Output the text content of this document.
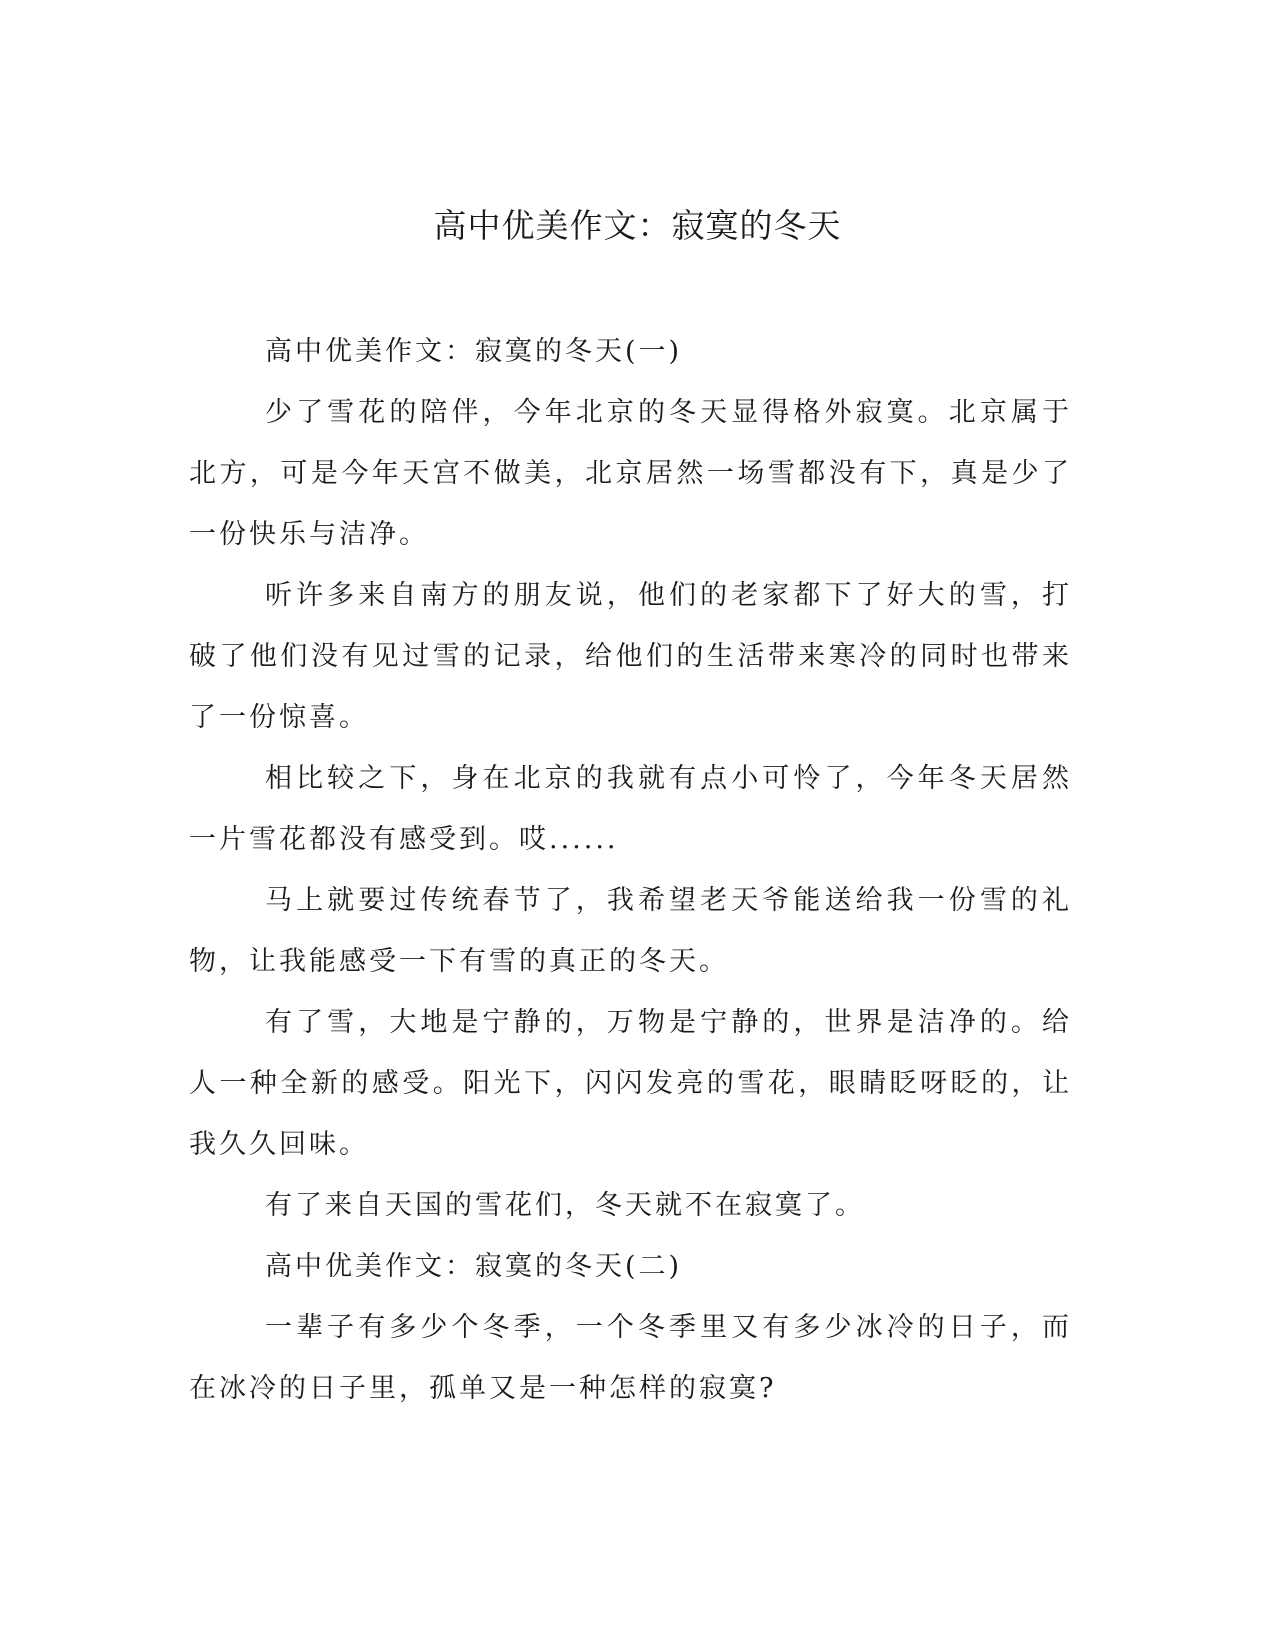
高中优美作文：寂寞的冬天

高中优美作文：寂寞的冬天(一)

少了雪花的陪伴，今年北京的冬天显得格外寂寞。北京属于北方，可是今年天宫不做美，北京居然一场雪都没有下，真是少了一份快乐与洁净。

听许多来自南方的朋友说，他们的老家都下了好大的雪，打破了他们没有见过雪的记录，给他们的生活带来寒冷的同时也带来了一份惊喜。

相比较之下，身在北京的我就有点小可怜了，今年冬天居然一片雪花都没有感受到。哎......

马上就要过传统春节了，我希望老天爷能送给我一份雪的礼物，让我能感受一下有雪的真正的冬天。

有了雪，大地是宁静的，万物是宁静的，世界是洁净的。给人一种全新的感受。阳光下，闪闪发亮的雪花，眼睛眨呀眨的，让我久久回味。

有了来自天国的雪花们，冬天就不在寂寞了。

高中优美作文：寂寞的冬天(二)

一辈子有多少个冬季，一个冬季里又有多少冰冷的日子，而在冰冷的日子里，孤单又是一种怎样的寂寞?
